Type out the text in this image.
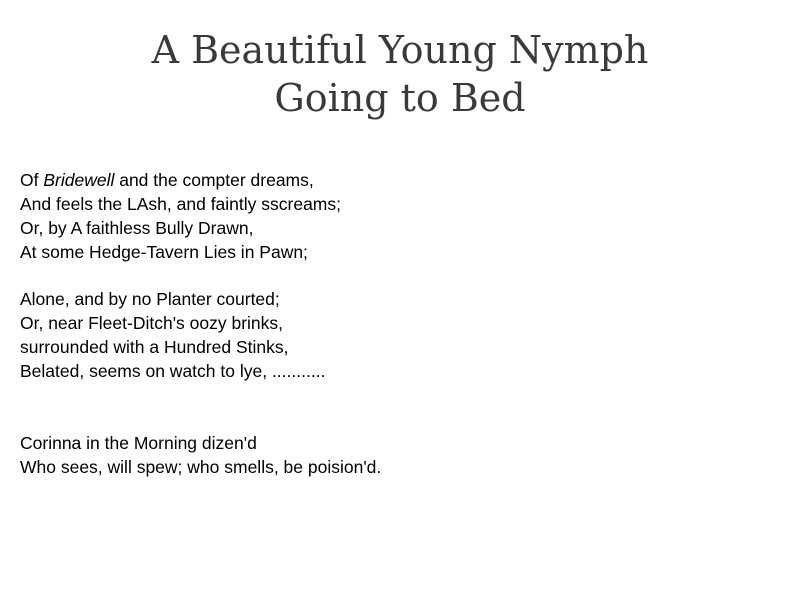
A Beautiful Young Nymph
Going to Bed
Of Bridewell and the compter dreams,
And feels the LAsh, and faintly sscreams;
Or, by A faithless Bully Drawn,
At some Hedge-Tavern Lies in Pawn;
Alone, and by no Planter courted;
Or, near Fleet-Ditch's oozy brinks,
surrounded with a Hundred Stinks,
Belated, seems on watch to lye, ...........
Corinna in the Morning dizen'd
Who sees, will spew; who smells, be poision'd.
